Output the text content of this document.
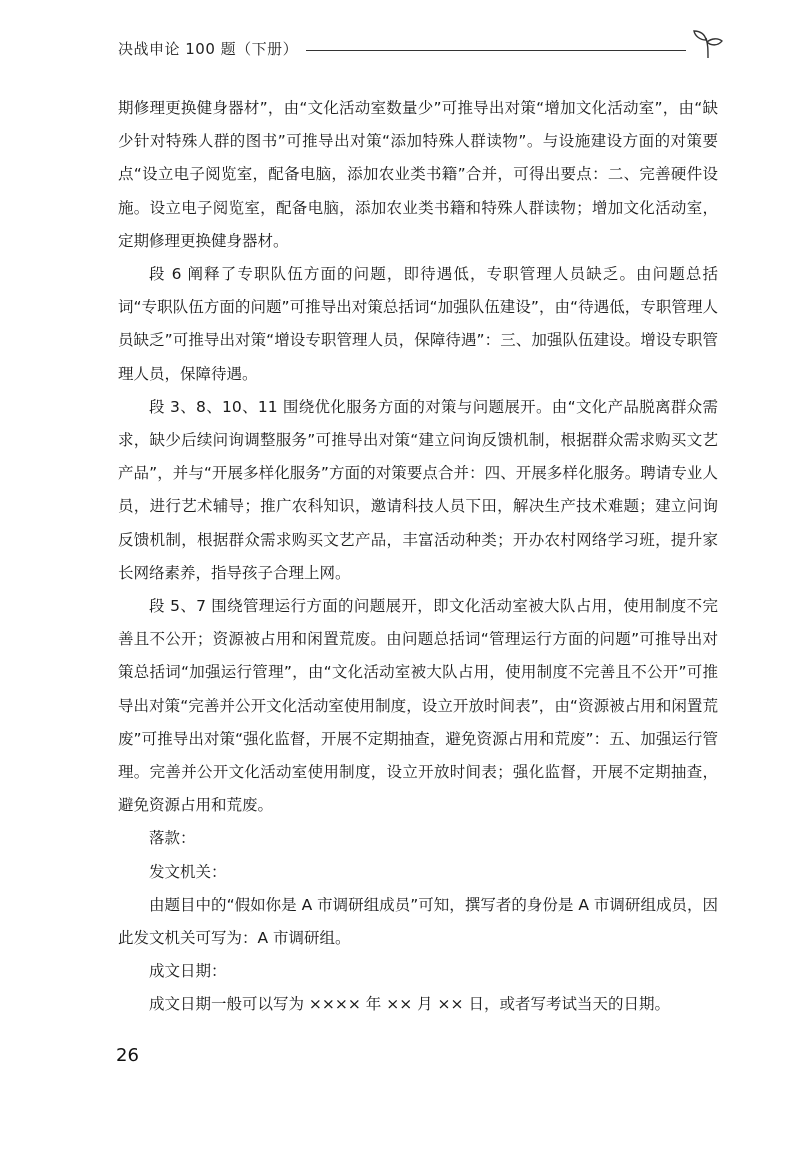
决战申论 100 题（下册）

期修理更换健身器材”，由“文化活动室数量少”可推导出对策“增加文化活动室”，由“缺少针对特殊人群的图书”可推导出对策“添加特殊人群读物”。与设施建设方面的对策要点“设立电子阅览室，配备电脑，添加农业类书籍”合并，可得出要点：二、完善硬件设施。设立电子阅览室，配备电脑，添加农业类书籍和特殊人群读物；增加文化活动室，定期修理更换健身器材。

段 6 阐释了专职队伍方面的问题，即待遇低，专职管理人员缺乏。由问题总括词“专职队伍方面的问题”可推导出对策总括词“加强队伍建设”，由“待遇低，专职管理人员缺乏”可推导出对策“增设专职管理人员，保障待遇”：三、加强队伍建设。增设专职管理人员，保障待遇。

段 3、8、10、11 围绕优化服务方面的对策与问题展开。由“文化产品脱离群众需求，缺少后续问询调整服务”可推导出对策“建立问询反馈机制，根据群众需求购买文艺产品”，并与“开展多样化服务”方面的对策要点合并：四、开展多样化服务。聘请专业人员，进行艺术辅导；推广农科知识，邀请科技人员下田，解决生产技术难题；建立问询反馈机制，根据群众需求购买文艺产品，丰富活动种类；开办农村网络学习班，提升家长网络素养，指导孩子合理上网。

段 5、7 围绕管理运行方面的问题展开，即文化活动室被大队占用，使用制度不完善且不公开；资源被占用和闲置荒废。由问题总括词“管理运行方面的问题”可推导出对策总括词“加强运行管理”，由“文化活动室被大队占用，使用制度不完善且不公开”可推导出对策“完善并公开文化活动室使用制度，设立开放时间表”，由“资源被占用和闲置荒废”可推导出对策“强化监督，开展不定期抽查，避免资源占用和荒废”：五、加强运行管理。完善并公开文化活动室使用制度，设立开放时间表；强化监督，开展不定期抽查，避免资源占用和荒废。

落款：

发文机关：

由题目中的“假如你是 A 市调研组成员”可知，撰写者的身份是 A 市调研组成员，因此发文机关可写为：A 市调研组。

成文日期：

成文日期一般可以写为 ×××× 年 ×× 月 ×× 日，或者写考试当天的日期。

26
